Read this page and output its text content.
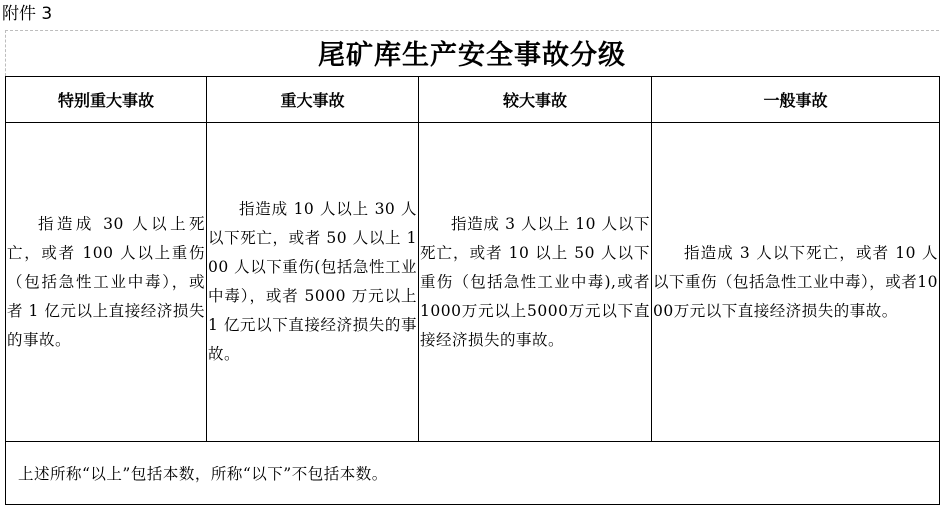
附件 3
尾矿库生产安全事故分级
特别重大事故	重大事故	较大事故	一般事故
指造成 30 人以上死亡，或者 100 人以上重伤（包括急性工业中毒），或者 1 亿元以上直接经济损失的事故。	指造成 10 人以上 30 人以下死亡，或者 50 人以上 100 人以下重伤(包括急性工业中毒），或者 5000 万元以上 1 亿元以下直接经济损失的事故。	指造成 3 人以上 10 人以下死亡，或者 10 以上 50 人以下重伤（包括急性工业中毒),或者1000万元以上5000万元以下直接经济损失的事故。	指造成 3 人以下死亡，或者 10 人以下重伤（包括急性工业中毒），或者1000万元以下直接经济损失的事故。
上述所称“以上”包括本数，所称“以下”不包括本数。			
